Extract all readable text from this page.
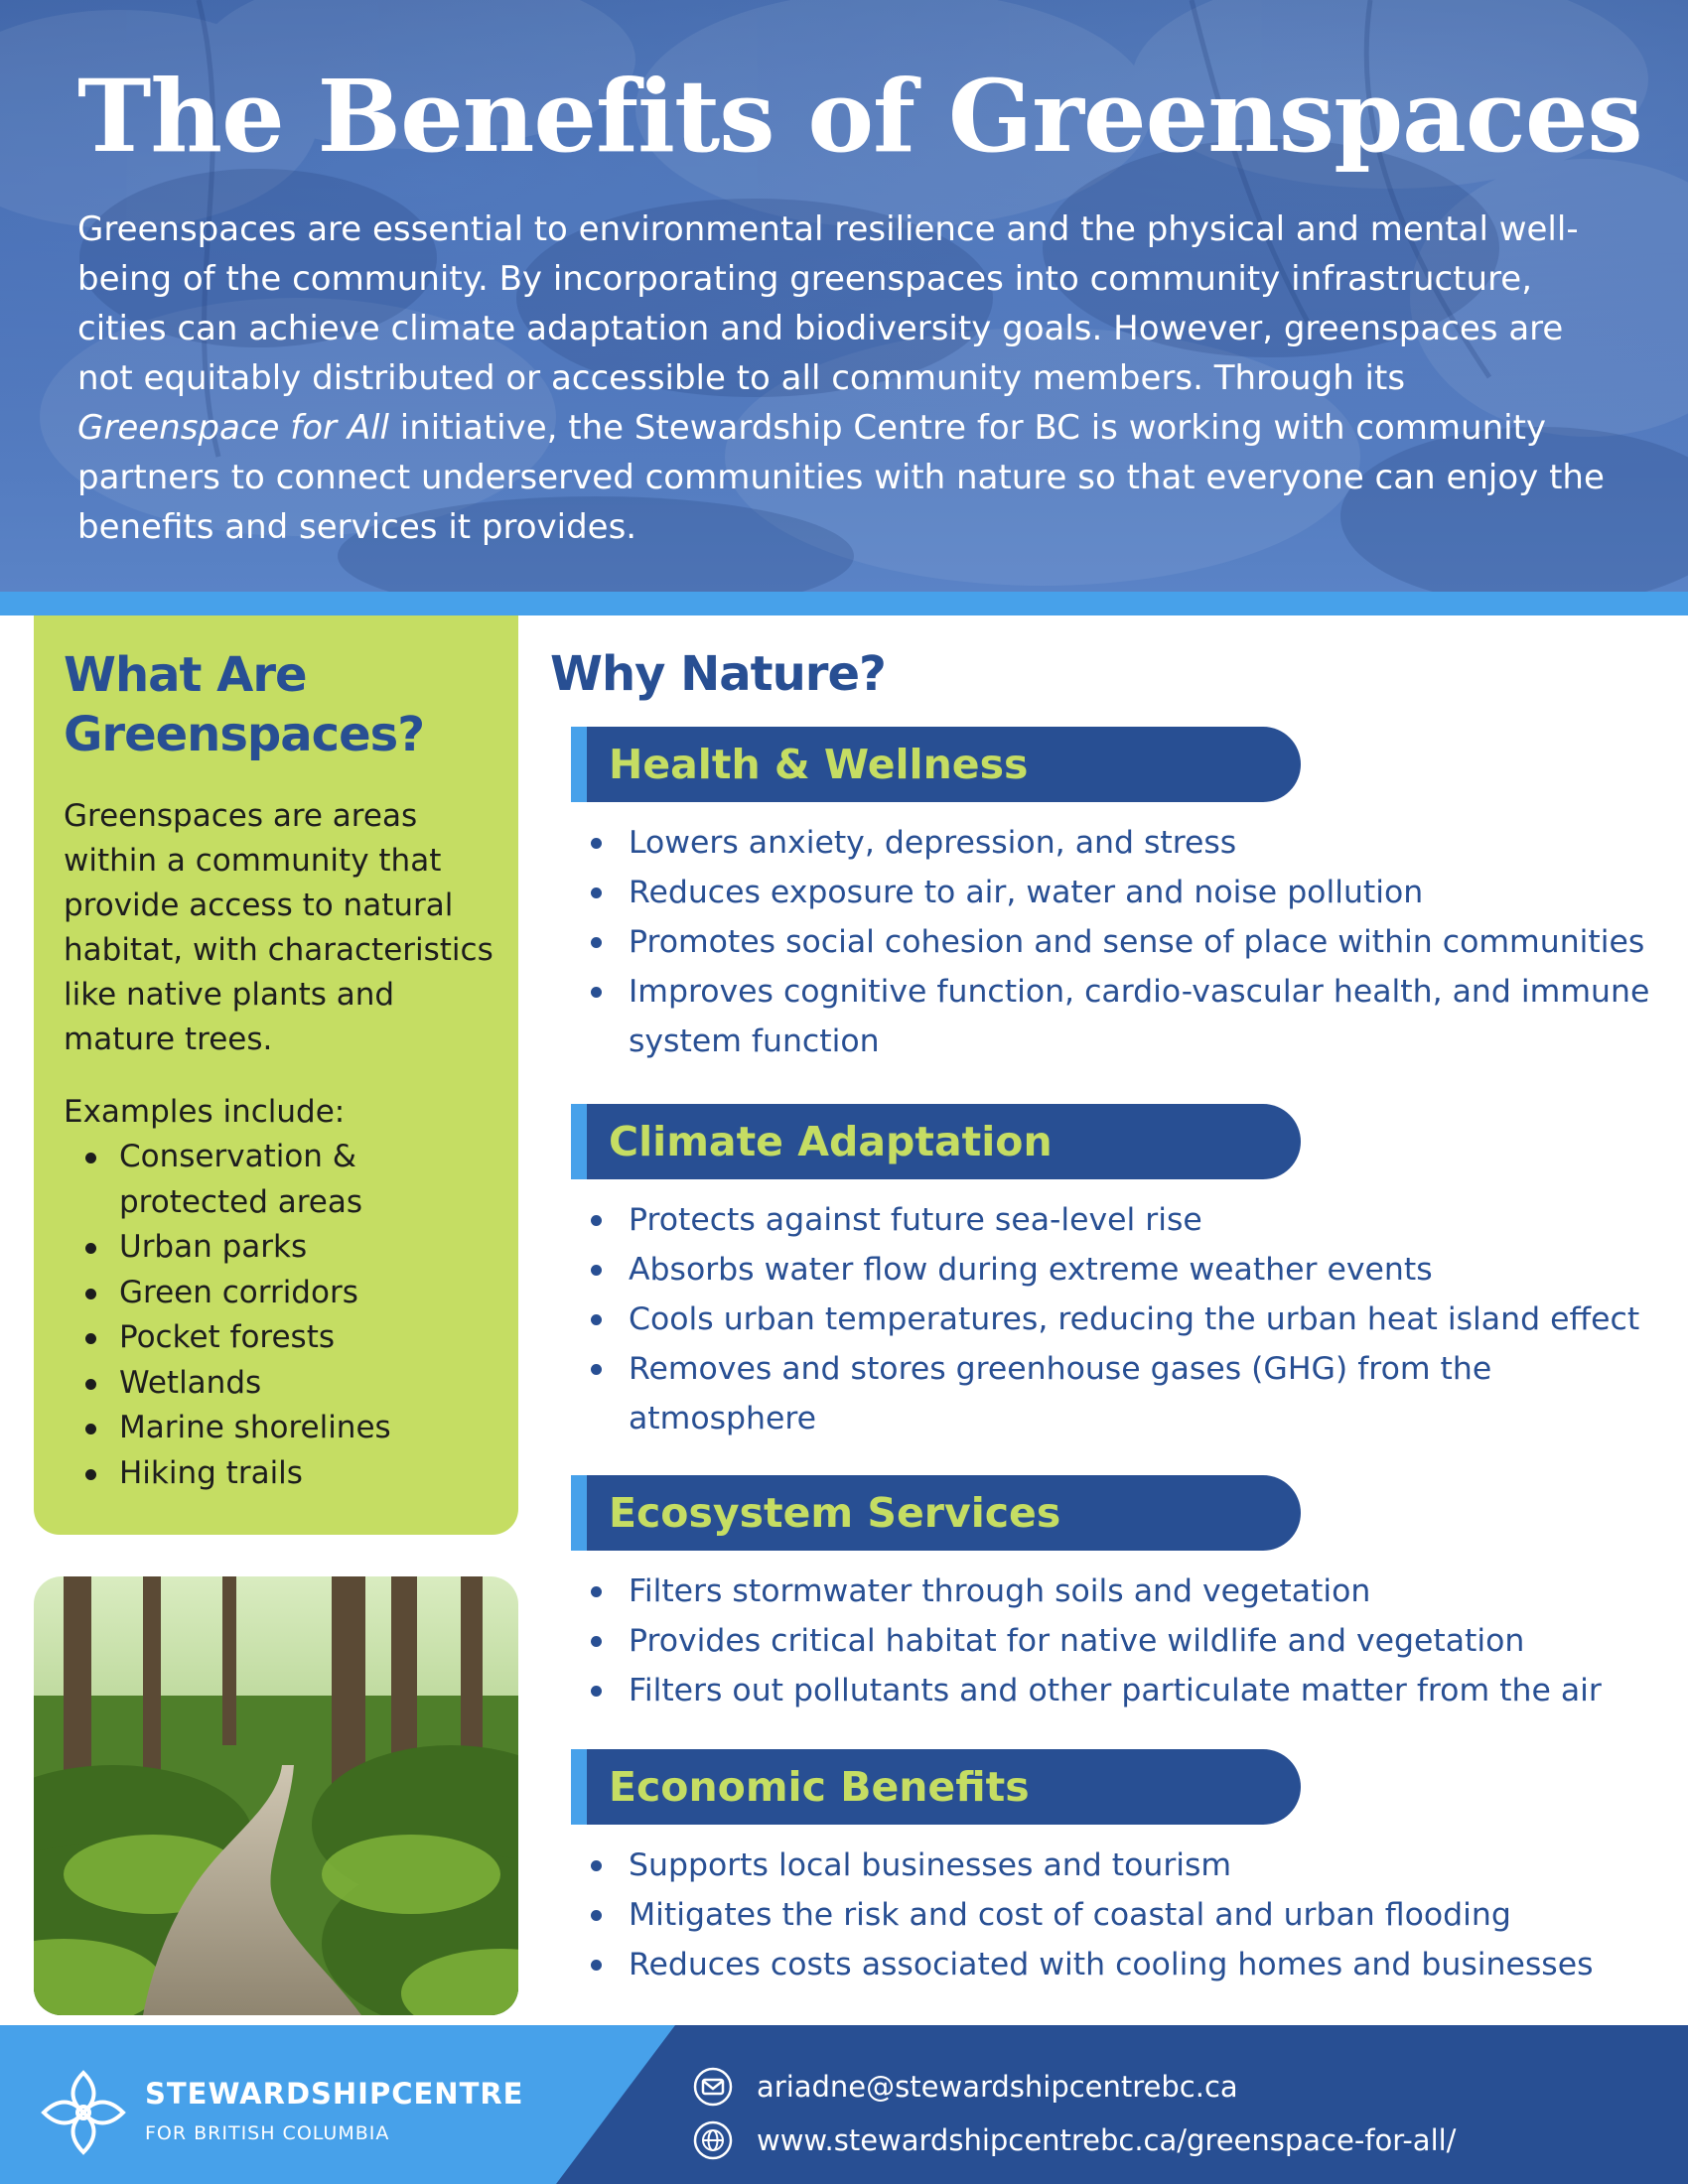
The Benefits of Greenspaces

Greenspaces are essential to environmental resilience and the physical and mental well-being of the community. By incorporating greenspaces into community infrastructure, cities can achieve climate adaptation and biodiversity goals. However, greenspaces are not equitably distributed or accessible to all community members. Through its Greenspace for All initiative, the Stewardship Centre for BC is working with community partners to connect underserved communities with nature so that everyone can enjoy the benefits and services it provides.

What Are Greenspaces?

Greenspaces are areas within a community that provide access to natural habitat, with characteristics like native plants and mature trees.

Examples include:

Conservation & protected areas
Urban parks
Green corridors
Pocket forests
Wetlands
Marine shorelines
Hiking trails
Why Nature?
Health & Wellness
Lowers anxiety, depression, and stress
Reduces exposure to air, water and noise pollution
Promotes social cohesion and sense of place within communities
Improves cognitive function, cardio-vascular health, and immune system function
Climate Adaptation
Protects against future sea-level rise
Absorbs water flow during extreme weather events
Cools urban temperatures, reducing the urban heat island effect
Removes and stores greenhouse gases (GHG) from the atmosphere
Ecosystem Services
Filters stormwater through soils and vegetation
Provides critical habitat for native wildlife and vegetation
Filters out pollutants and other particulate matter from the air
Economic Benefits
Supports local businesses and tourism
Mitigates the risk and cost of coastal and urban flooding
Reduces costs associated with cooling homes and businesses
STEWARDSHIPCENTRE
FOR BRITISH COLUMBIA
ariadne@stewardshipcentrebc.ca
www.stewardshipcentrebc.ca/greenspace-for-all/
